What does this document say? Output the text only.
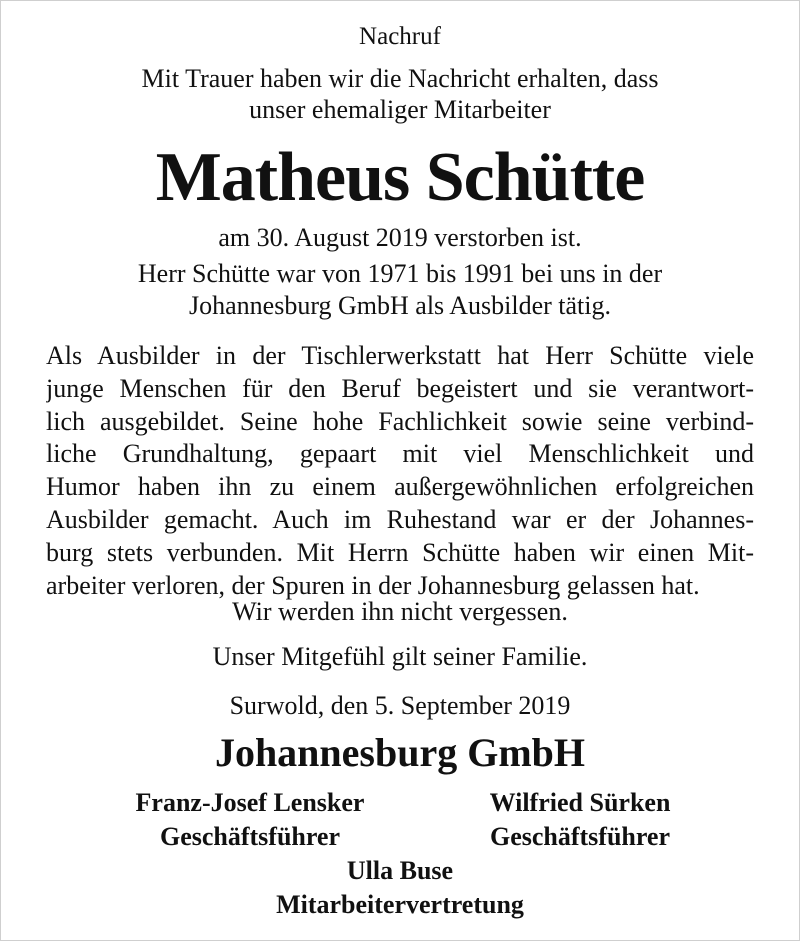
Nachruf
Mit Trauer haben wir die Nachricht erhalten, dass
unser ehemaliger Mitarbeiter
Matheus Schütte
am 30. August 2019 verstorben ist.
Herr Schütte war von 1971 bis 1991 bei uns in der
Johannesburg GmbH als Ausbilder tätig.
Als Ausbilder in der Tischlerwerkstatt hat Herr Schütte viele
junge Menschen für den Beruf begeistert und sie verantwort-
lich ausgebildet. Seine hohe Fachlichkeit sowie seine verbind-
liche Grundhaltung, gepaart mit viel Menschlichkeit und
Humor haben ihn zu einem außergewöhnlichen erfolgreichen
Ausbilder gemacht. Auch im Ruhestand war er der Johannes-
burg stets verbunden. Mit Herrn Schütte haben wir einen Mit-
arbeiter verloren, der Spuren in der Johannesburg gelassen hat.
Wir werden ihn nicht vergessen.
Unser Mitgefühl gilt seiner Familie.
Surwold, den 5. September 2019
Johannesburg GmbH
Franz-Josef Lensker
Geschäftsführer
Wilfried Sürken
Geschäftsführer
Ulla Buse
Mitarbeitervertretung
